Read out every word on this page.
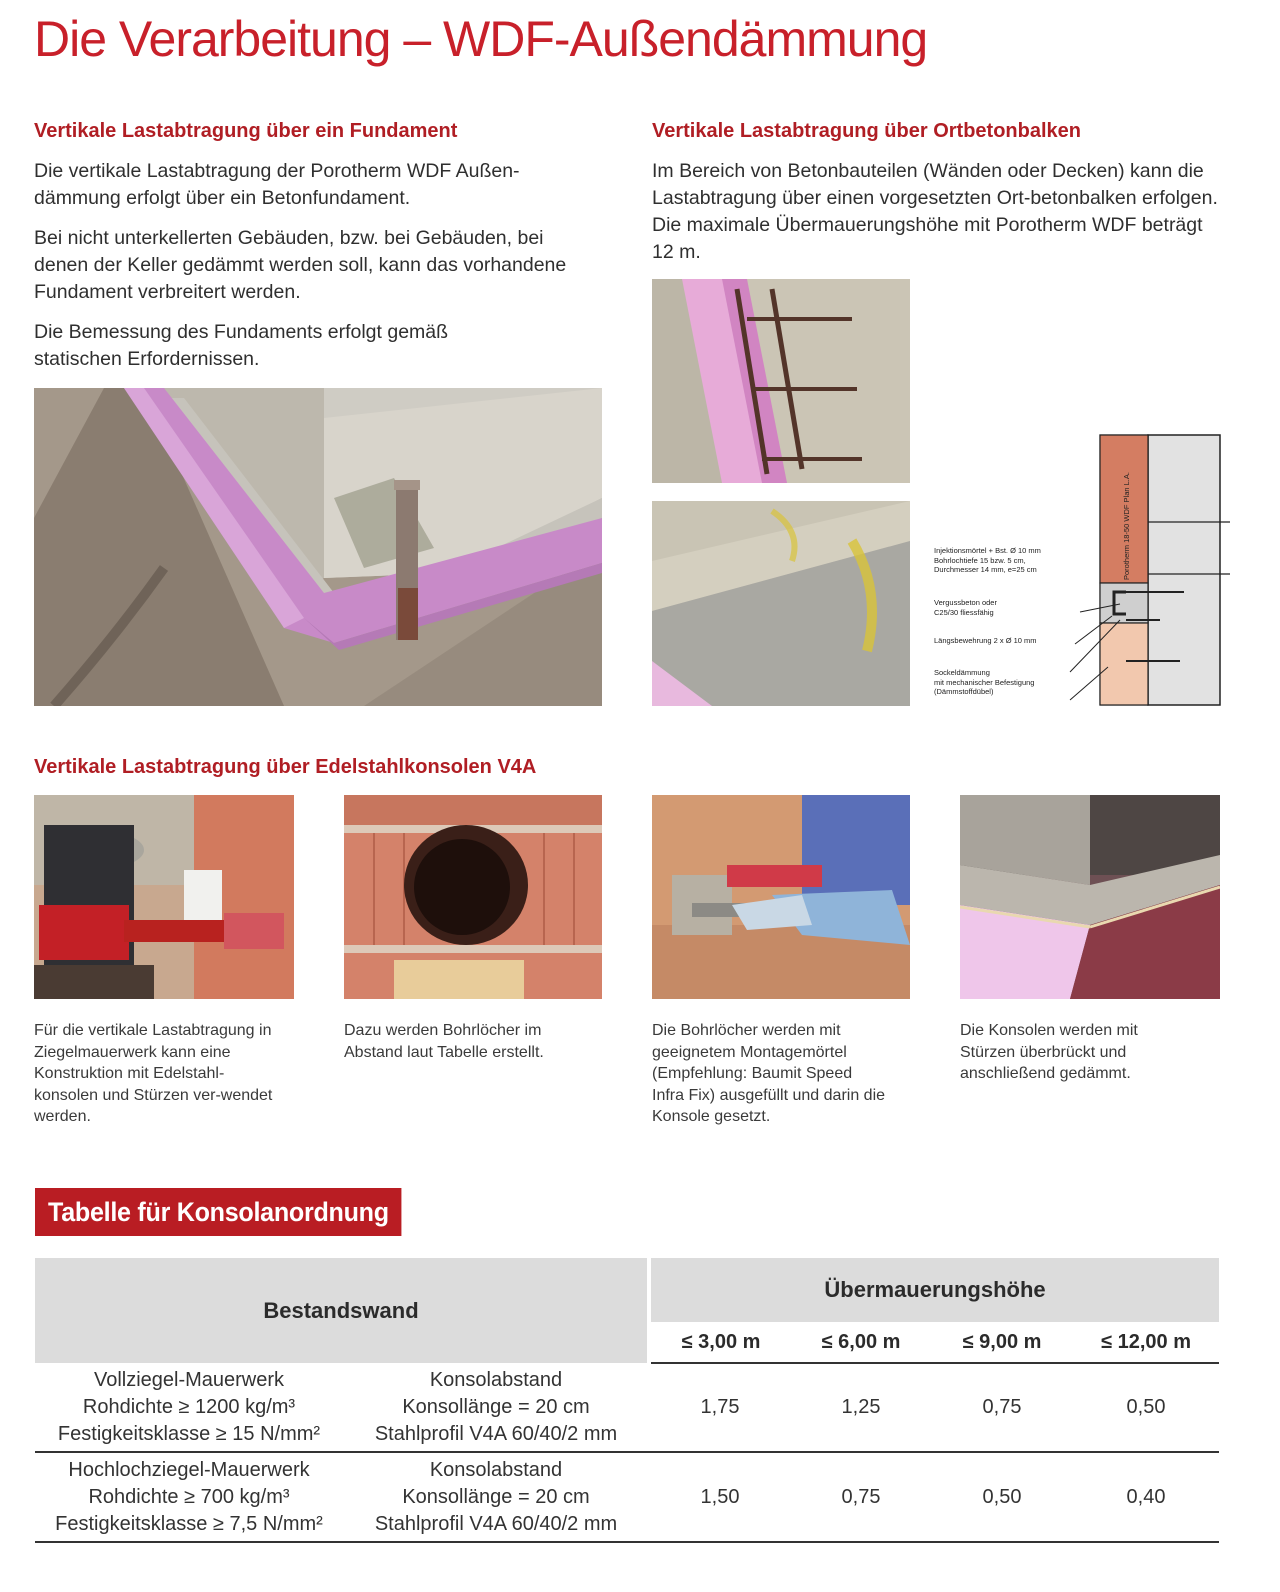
Die Verarbeitung – WDF-Außendämmung
Vertikale Lastabtragung über ein Fundament

Die vertikale Lastabtragung der Porotherm WDF Außen-dämmung erfolgt über ein Betonfundament.

Bei nicht unterkellerten Gebäuden, bzw. bei Gebäuden, bei denen der Keller gedämmt werden soll, kann das vorhandene Fundament verbreitert werden.

Die Bemessung des Fundaments erfolgt gemäß statischen Erfordernissen.

Vertikale Lastabtragung über Ortbetonbalken

Im Bereich von Betonbauteilen (Wänden oder Decken) kann die Lastabtragung über einen vorgesetzten Ort-betonbalken erfolgen. Die maximale Übermauerungshöhe mit Porotherm WDF beträgt 12 m.

Porotherm 18-50 WDF Plan L.A.
Injektionsmörtel + Bst. Ø 10 mm
Bohrlochtiefe 15 bzw. 5 cm,
Durchmesser 14 mm, e=25 cm
Vergussbeton oder
C25/30 fliessfähig
Längsbewehrung 2 x Ø 10 mm
Sockeldämmung
mit mechanischer Befestigung
(Dämmstoffdübel)
Vertikale Lastabtragung über Edelstahlkonsolen V4A

Für die vertikale Lastabtragung in Ziegelmauerwerk kann eine Konstruktion mit Edelstahl-konsolen und Stürzen ver-wendet werden.

Dazu werden Bohrlöcher im Abstand laut Tabelle erstellt.

Die Bohrlöcher werden mit geeignetem Montagemörtel (Empfehlung: Baumit Speed Infra Fix) ausgefüllt und darin die Konsole gesetzt.

Die Konsolen werden mit Stürzen überbrückt und anschließend gedämmt.

Tabelle für Konsolanordnung
Bestandswand		Übermauerungshöhe			
		≤ 3,00 m	≤ 6,00 m	≤ 9,00 m	≤ 12,00 m

Vollziegel-Mauerwerk
Rohdichte ≥ 1200 kg/m³
Festigkeitsklasse ≥ 15 N/mm²	Konsolabstand
Konsollänge = 20 cm
Stahlprofil V4A 60/40/2 mm	1,75	1,25	0,75	0,50

Hochlochziegel-Mauerwerk
Rohdichte ≥ 700 kg/m³
Festigkeitsklasse ≥ 7,5 N/mm²	Konsolabstand
Konsollänge = 20 cm
Stahlprofil V4A 60/40/2 mm	1,50	0,75	0,50	0,40
